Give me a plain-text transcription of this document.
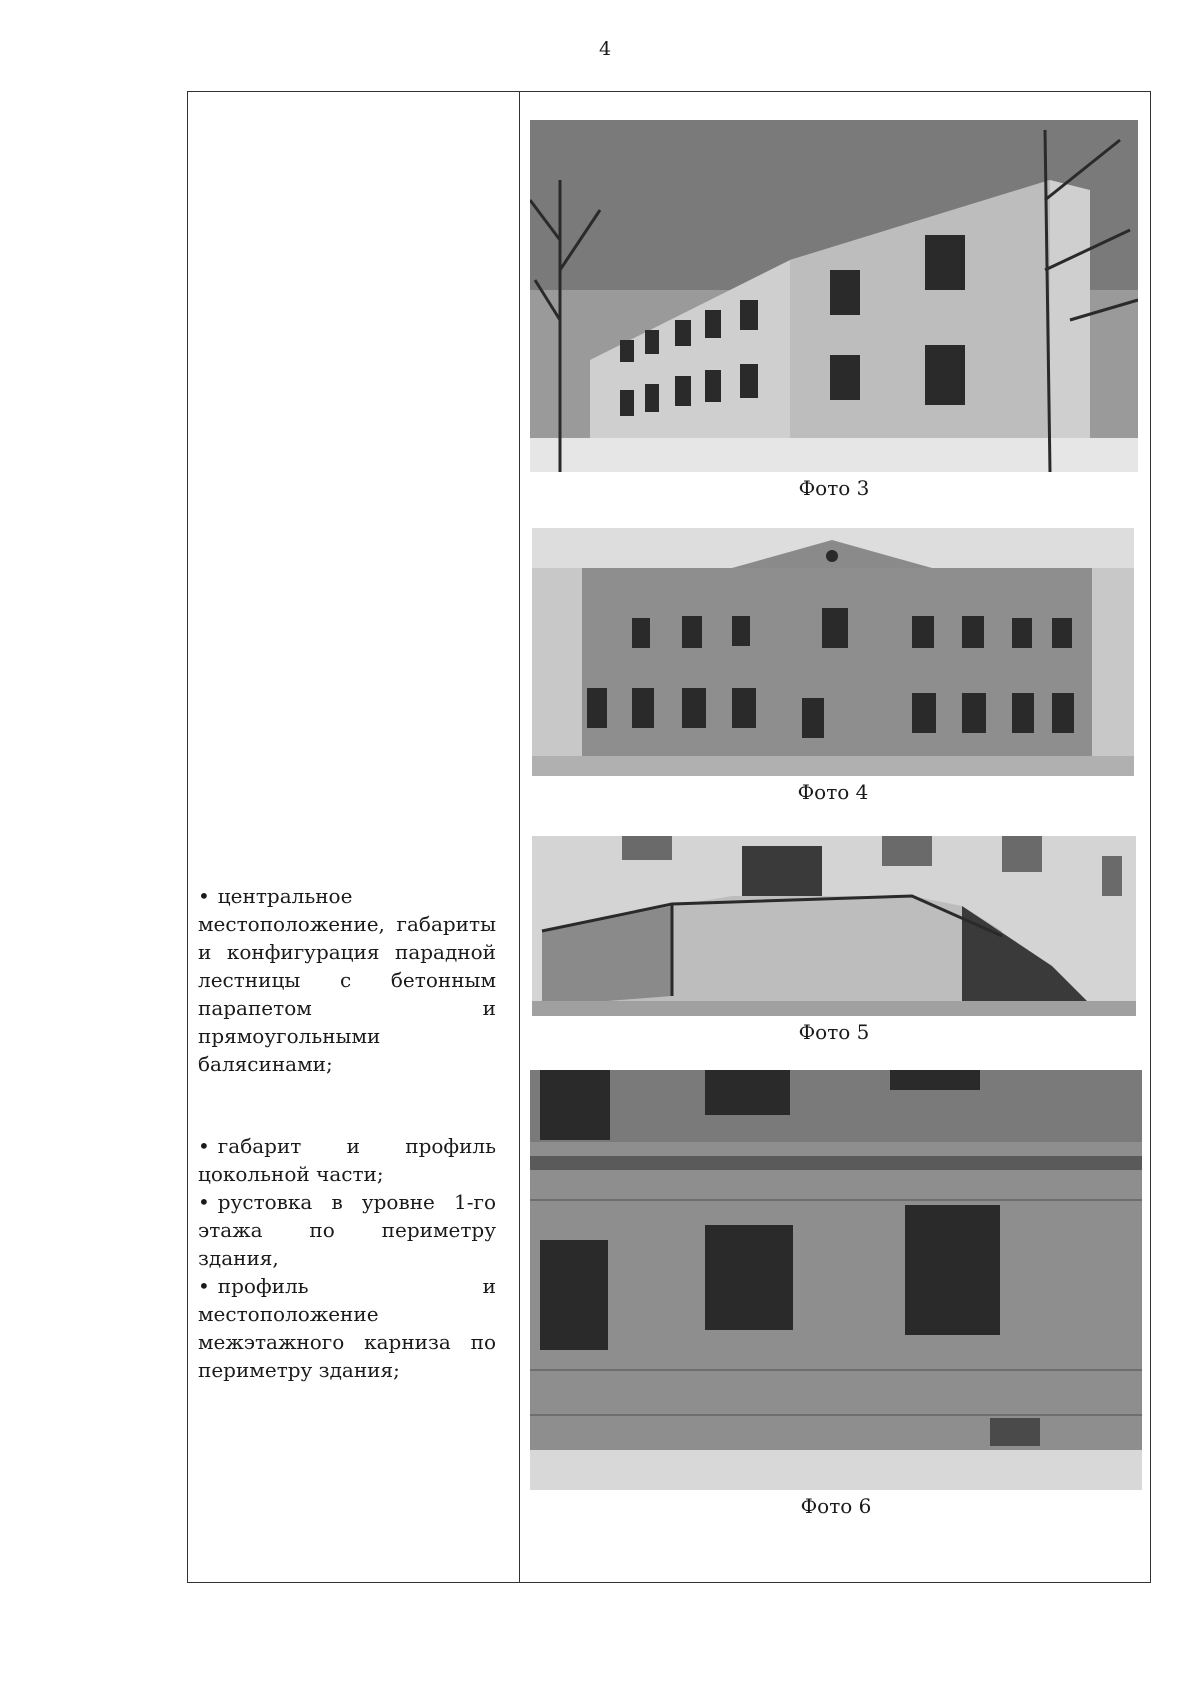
4

• центральное местоположение, габариты и конфигурация парадной лестницы с бетонным парапетом и прямоугольными балясинами;

• габарит и профиль цокольной части;

• рустовка в уровне 1-го этажа по периметру здания,

• профиль и местоположение межэтажного карниза по периметру здания;

Фото 3
Фото 4
Фото 5
Фото 6
